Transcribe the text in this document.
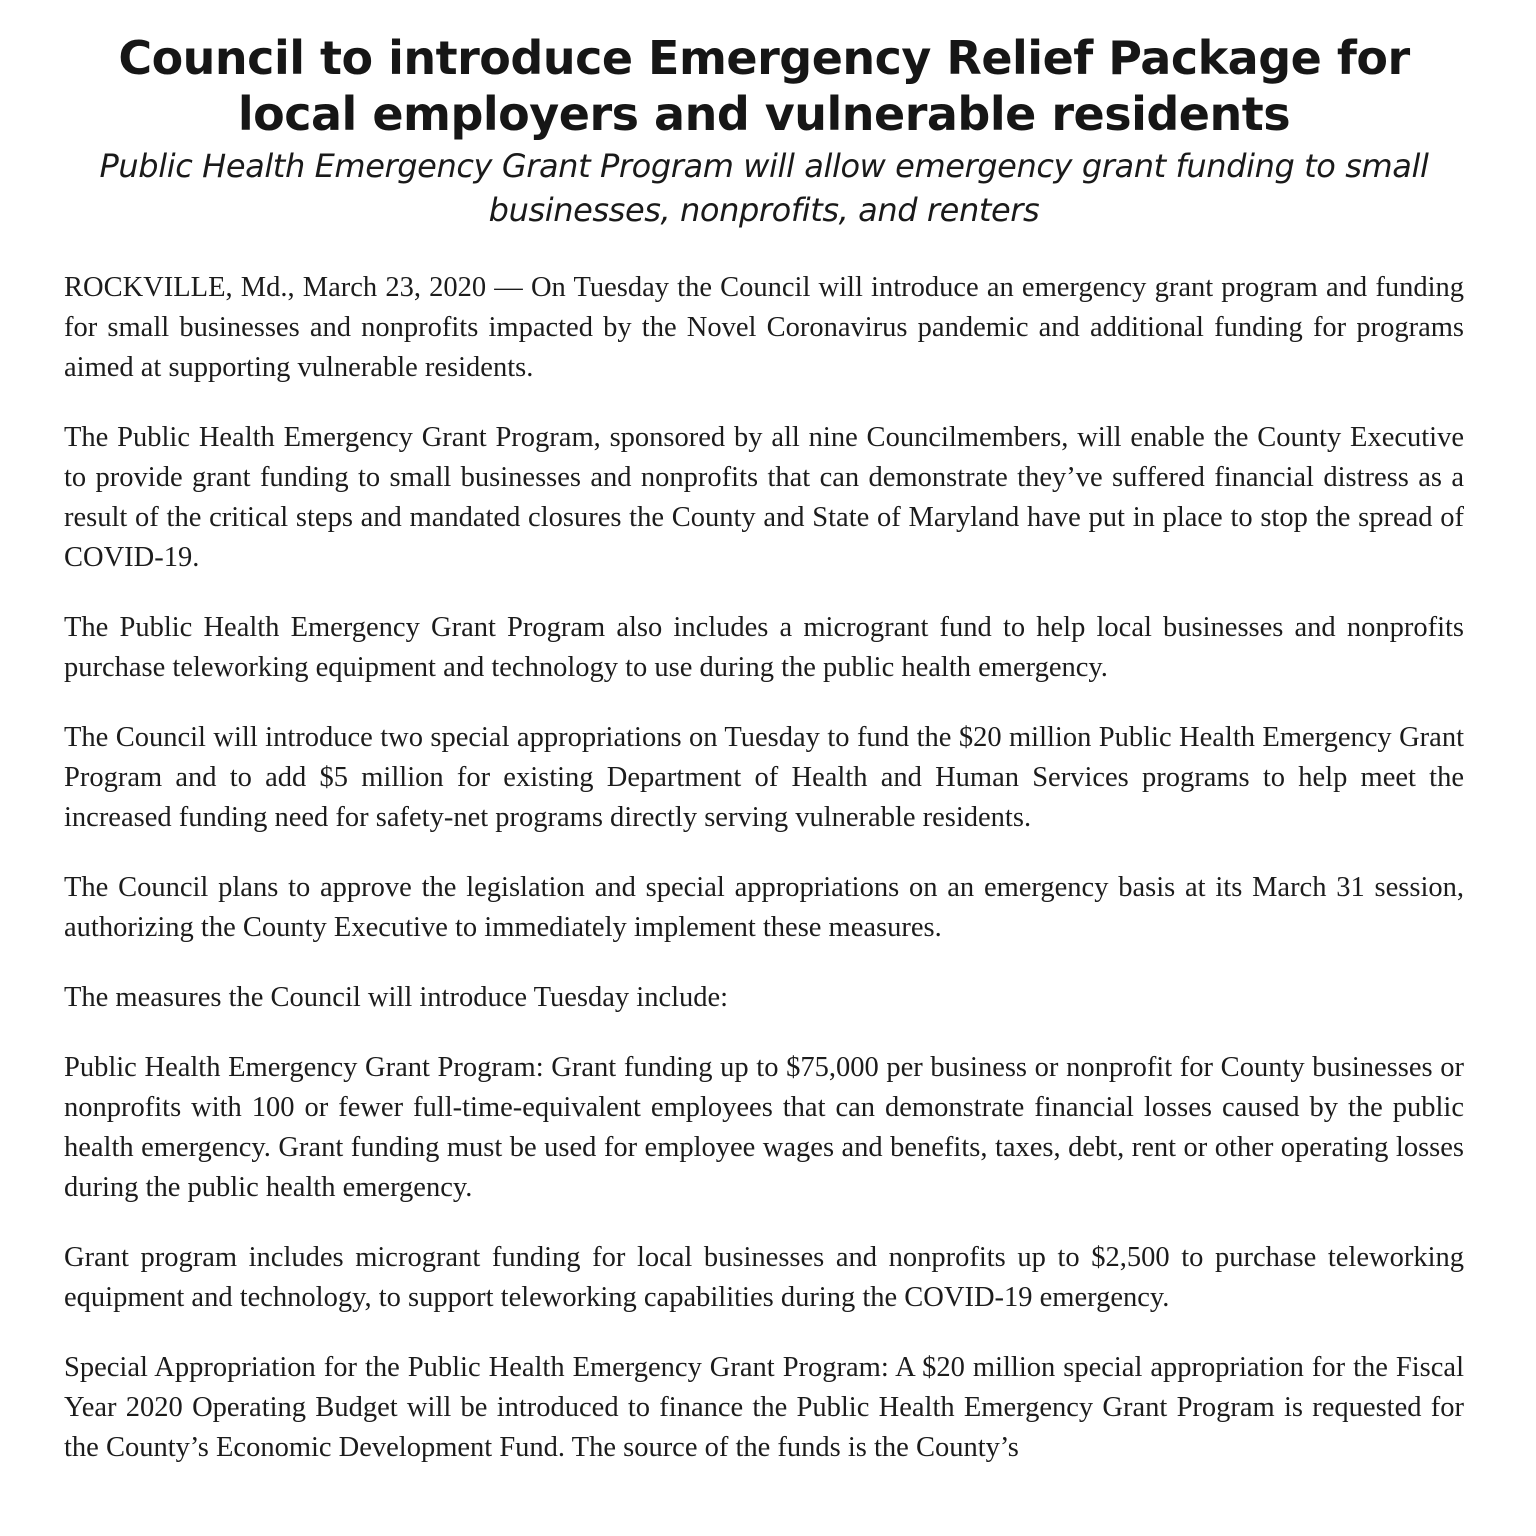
Council to introduce Emergency Relief Package for local employers and vulnerable residents

Public Health Emergency Grant Program will allow emergency grant funding to small businesses, nonprofits, and renters

ROCKVILLE, Md., March 23, 2020 — On Tuesday the Council will introduce an emergency grant program and funding for small businesses and nonprofits impacted by the Novel Coronavirus pandemic and additional funding for programs aimed at supporting vulnerable residents.

The Public Health Emergency Grant Program, sponsored by all nine Councilmembers, will enable the County Executive to provide grant funding to small businesses and nonprofits that can demonstrate they’ve suffered financial distress as a result of the critical steps and mandated closures the County and State of Maryland have put in place to stop the spread of COVID-19.

The Public Health Emergency Grant Program also includes a microgrant fund to help local businesses and nonprofits purchase teleworking equipment and technology to use during the public health emergency.

The Council will introduce two special appropriations on Tuesday to fund the $20 million Public Health Emergency Grant Program and to add $5 million for existing Department of Health and Human Services programs to help meet the increased funding need for safety-net programs directly serving vulnerable residents.

The Council plans to approve the legislation and special appropriations on an emergency basis at its March 31 session, authorizing the County Executive to immediately implement these measures.

The measures the Council will introduce Tuesday include:

Public Health Emergency Grant Program: Grant funding up to $75,000 per business or nonprofit for County businesses or nonprofits with 100 or fewer full-time-equivalent employees that can demonstrate financial losses caused by the public health emergency. Grant funding must be used for employee wages and benefits, taxes, debt, rent or other operating losses during the public health emergency.

Grant program includes microgrant funding for local businesses and nonprofits up to $2,500 to purchase teleworking equipment and technology, to support teleworking capabilities during the COVID-19 emergency.

Special Appropriation for the Public Health Emergency Grant Program: A $20 million special appropriation for the Fiscal Year 2020 Operating Budget will be introduced to finance the Public Health Emergency Grant Program is requested for the County’s Economic Development Fund. The source of the funds is the County’s
